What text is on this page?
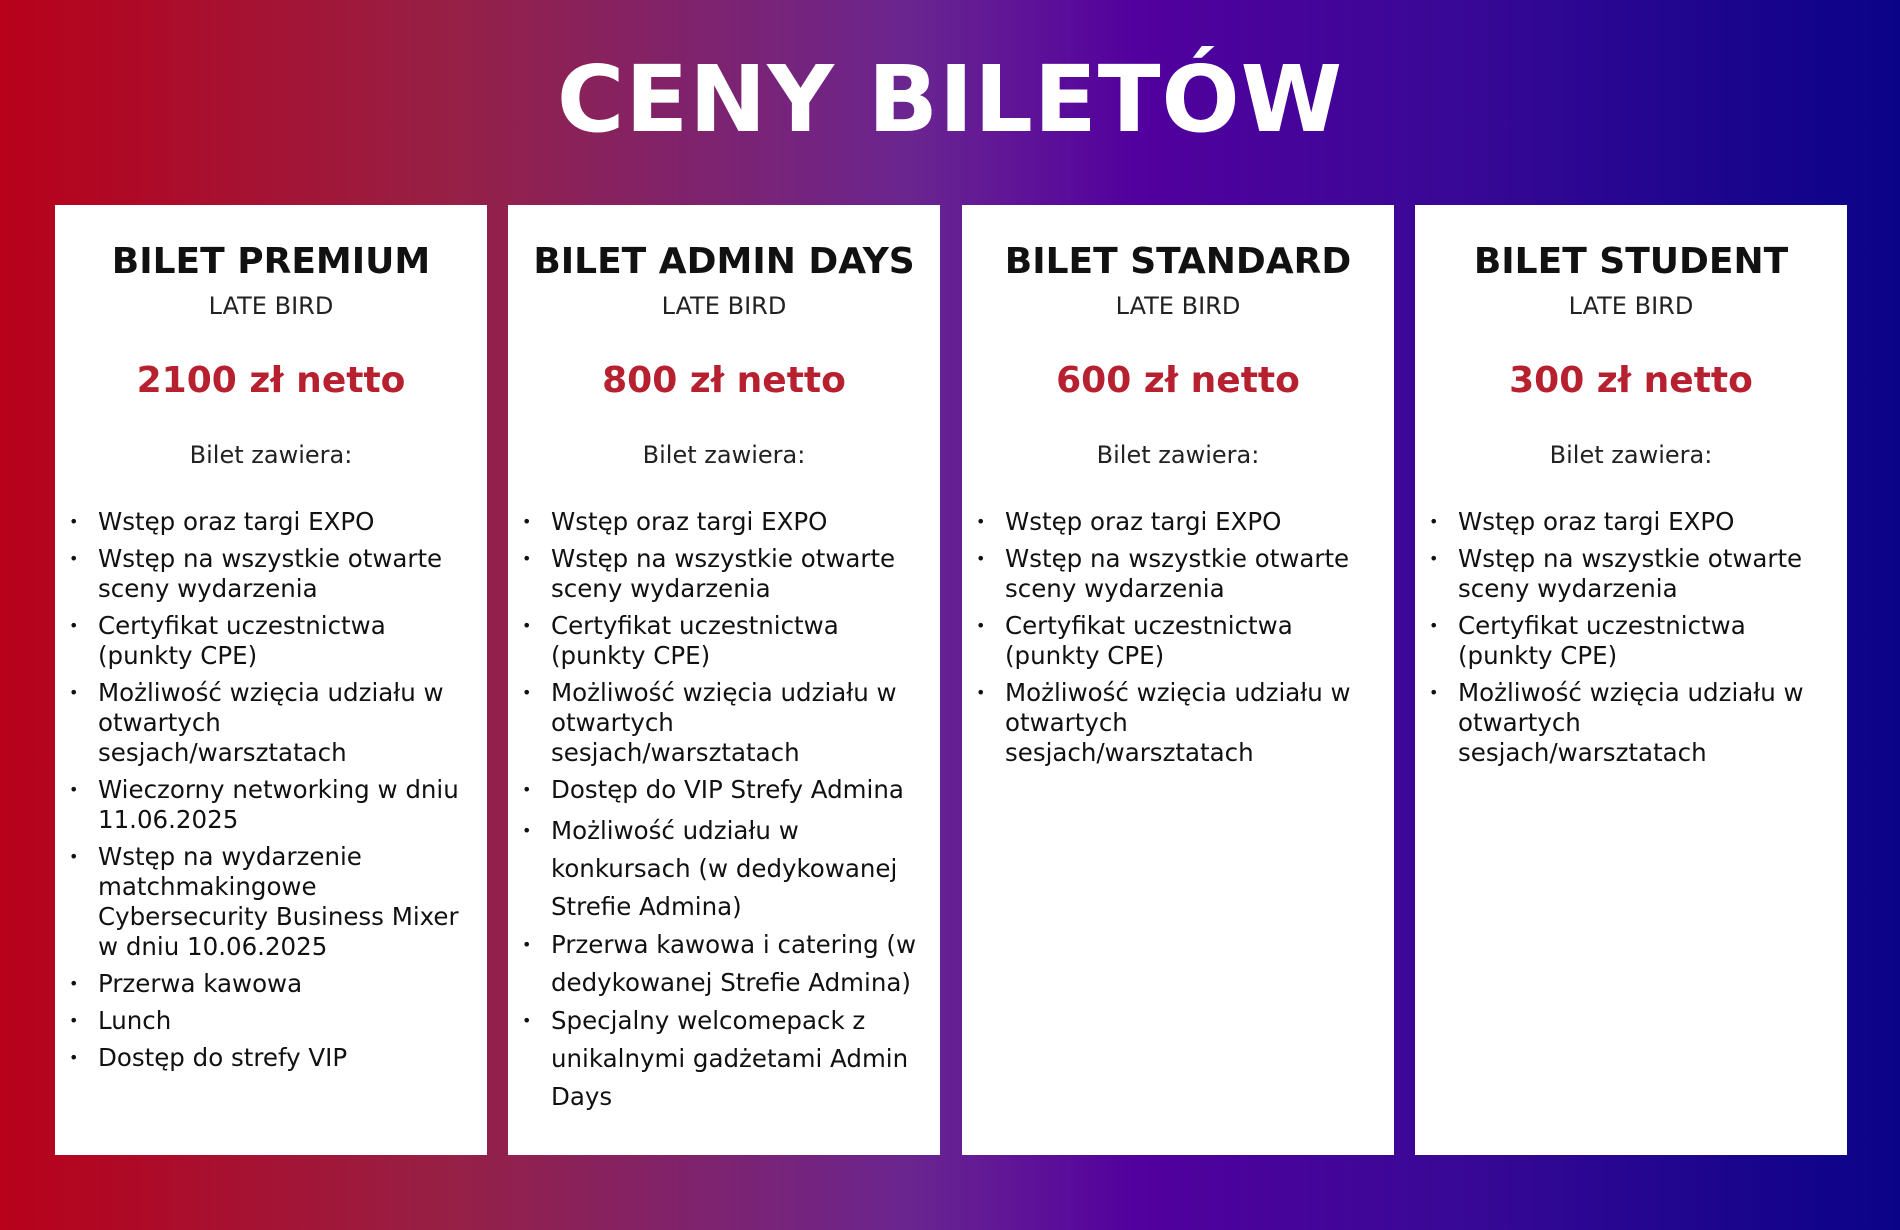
CENY BILETÓW
BILET PREMIUM
LATE BIRD
2100 zł netto
Bilet zawiera:
• Wstęp oraz targi EXPO
• Wstęp na wszystkie otwarte sceny wydarzenia
• Certyfikat uczestnictwa (punkty CPE)
• Możliwość wzięcia udziału w otwartych sesjach/warsztatach
• Wieczorny networking w dniu 11.06.2025
• Wstęp na wydarzenie matchmakingowe Cybersecurity Business Mixer w dniu 10.06.2025
• Przerwa kawowa
• Lunch
• Dostęp do strefy VIP
BILET ADMIN DAYS
LATE BIRD
800 zł netto
Bilet zawiera:
• Wstęp oraz targi EXPO
• Wstęp na wszystkie otwarte sceny wydarzenia
• Certyfikat uczestnictwa (punkty CPE)
• Możliwość wzięcia udziału w otwartych sesjach/warsztatach
• Dostęp do VIP Strefy Admina
• Możliwość udziału w konkursach (w dedykowanej Strefie Admina)
• Przerwa kawowa i catering (w dedykowanej Strefie Admina)
• Specjalny welcomepack z unikalnymi gadżetami Admin Days
BILET STANDARD
LATE BIRD
600 zł netto
Bilet zawiera:
• Wstęp oraz targi EXPO
• Wstęp na wszystkie otwarte sceny wydarzenia
• Certyfikat uczestnictwa (punkty CPE)
• Możliwość wzięcia udziału w otwartych sesjach/warsztatach
BILET STUDENT
LATE BIRD
300 zł netto
Bilet zawiera:
• Wstęp oraz targi EXPO
• Wstęp na wszystkie otwarte sceny wydarzenia
• Certyfikat uczestnictwa (punkty CPE)
• Możliwość wzięcia udziału w otwartych sesjach/warsztatach
